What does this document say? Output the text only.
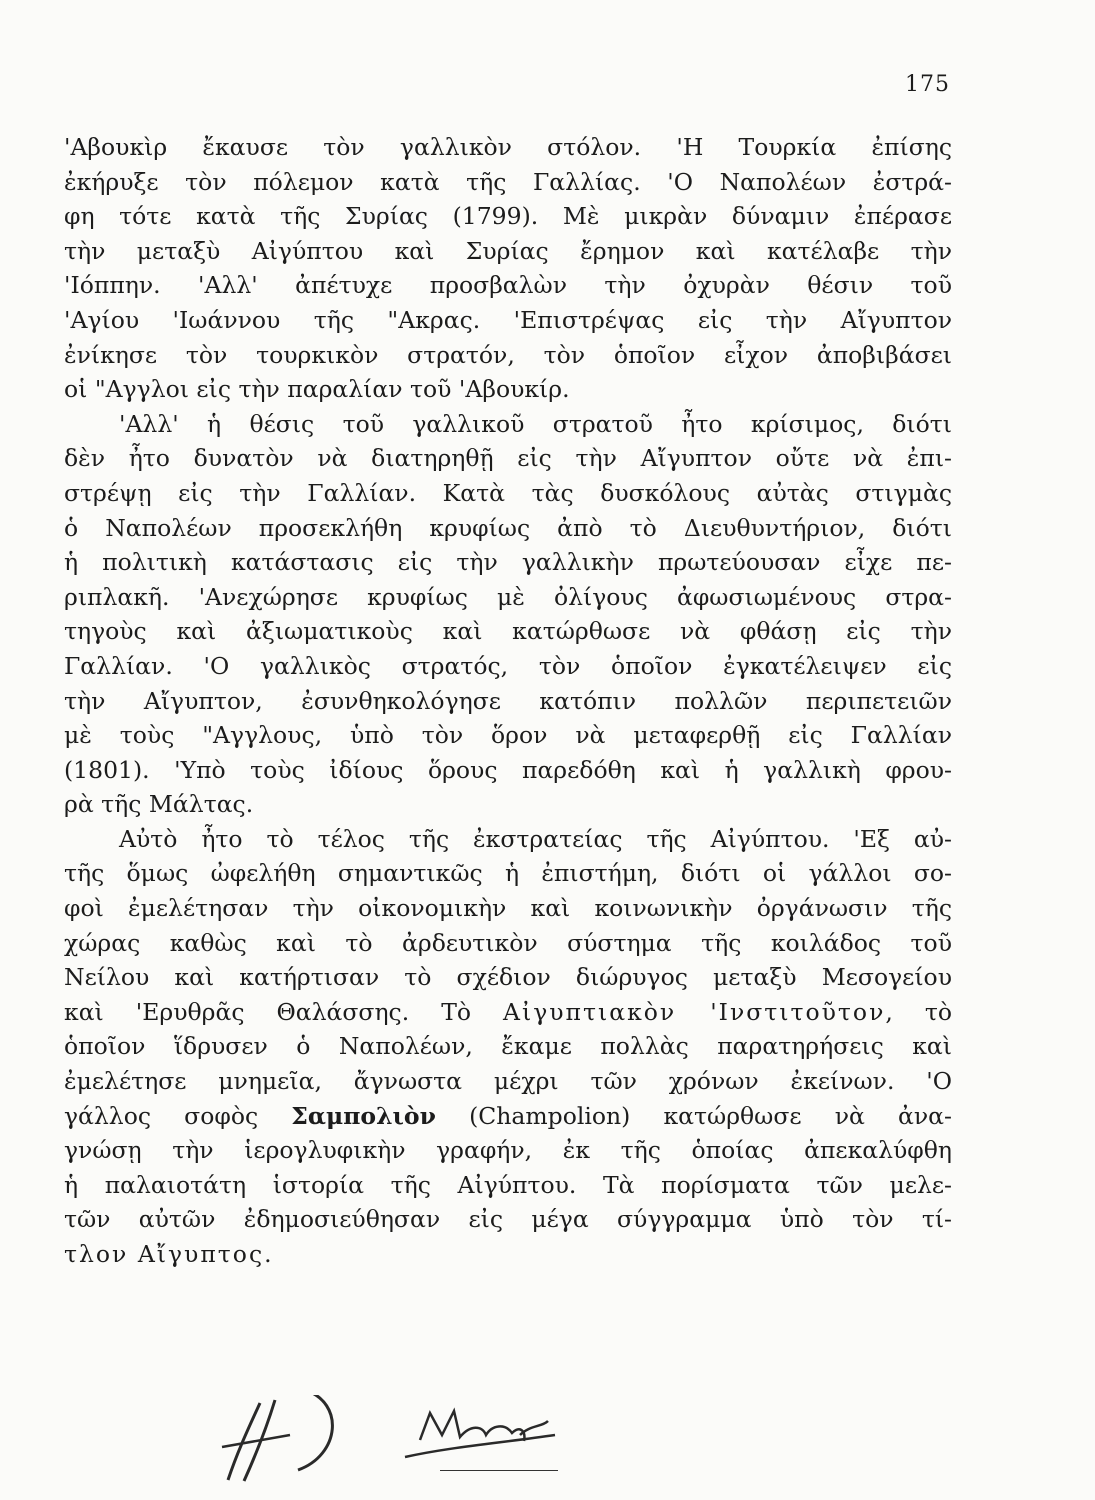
175
'Αβουκὶρ ἔκαυσε τὸν γαλλικὸν στόλον. 'Η Τουρκία ἐπίσης
ἐκήρυξε τὸν πόλεμον κατὰ τῆς Γαλλίας. 'Ο Ναπολέων ἐστρά-
φη τότε κατὰ τῆς Συρίας (1799). Μὲ μικρὰν δύναμιν ἐπέρασε
τὴν μεταξὺ Αἰγύπτου καὶ Συρίας ἔρημον καὶ κατέλαβε τὴν
'Ιόππην. 'Αλλ' ἀπέτυχε προσβαλὼν τὴν ὀχυρὰν θέσιν τοῦ
'Αγίου 'Ιωάννου τῆς "Ακρας. 'Επιστρέψας εἰς τὴν Αἴγυπτον
ἐνίκησε τὸν τουρκικὸν στρατόν, τὸν ὁποῖον εἶχον ἀποβιβάσει
οἱ "Αγγλοι εἰς τὴν παραλίαν τοῦ 'Αβουκίρ.
'Αλλ' ἡ θέσις τοῦ γαλλικοῦ στρατοῦ ἦτο κρίσιμος, διότι
δὲν ἦτο δυνατὸν νὰ διατηρηθῇ εἰς τὴν Αἴγυπτον οὔτε νὰ ἐπι-
στρέψῃ εἰς τὴν Γαλλίαν. Κατὰ τὰς δυσκόλους αὐτὰς στιγμὰς
ὁ Ναπολέων προσεκλήθη κρυφίως ἀπὸ τὸ Διευθυντήριον, διότι
ἡ πολιτικὴ κατάστασις εἰς τὴν γαλλικὴν πρωτεύουσαν εἶχε πε-
ριπλακῆ. 'Ανεχώρησε κρυφίως μὲ ὀλίγους ἀφωσιωμένους στρα-
τηγοὺς καὶ ἀξιωματικοὺς καὶ κατώρθωσε νὰ φθάσῃ εἰς τὴν
Γαλλίαν. 'Ο γαλλικὸς στρατός, τὸν ὁποῖον ἐγκατέλειψεν εἰς
τὴν Αἴγυπτον, ἐσυνθηκολόγησε κατόπιν πολλῶν περιπετειῶν
μὲ τοὺς "Αγγλους, ὑπὸ τὸν ὅρον νὰ μεταφερθῇ εἰς Γαλλίαν
(1801). 'Υπὸ τοὺς ἰδίους ὅρους παρεδόθη καὶ ἡ γαλλικὴ φρου-
ρὰ τῆς Μάλτας.
Αὐτὸ ἦτο τὸ τέλος τῆς ἐκστρατείας τῆς Αἰγύπτου. 'Εξ αὐ-
τῆς ὅμως ὠφελήθη σημαντικῶς ἡ ἐπιστήμη, διότι οἱ γάλλοι σο-
φοὶ ἐμελέτησαν τὴν οἰκονομικὴν καὶ κοινωνικὴν ὀργάνωσιν τῆς
χώρας καθὼς καὶ τὸ ἀρδευτικὸν σύστημα τῆς κοιλάδος τοῦ
Νείλου καὶ κατήρτισαν τὸ σχέδιον διώρυγος μεταξὺ Μεσογείου
καὶ 'Ερυθρᾶς Θαλάσσης. Τὸ Αἰγυπτιακὸν 'Ινστιτοῦτον, τὸ
ὁποῖον ἵδρυσεν ὁ Ναπολέων, ἔκαμε πολλὰς παρατηρήσεις καὶ
ἐμελέτησε μνημεῖα, ἄγνωστα μέχρι τῶν χρόνων ἐκείνων. 'Ο
γάλλος σοφὸς Σαμπολιὸν (Champolion) κατώρθωσε νὰ ἀνα-
γνώσῃ τὴν ἱερογλυφικὴν γραφήν, ἐκ τῆς ὁποίας ἀπεκαλύφθη
ἡ παλαιοτάτη ἱστορία τῆς Αἰγύπτου. Τὰ πορίσματα τῶν μελε-
τῶν αὐτῶν ἐδημοσιεύθησαν εἰς μέγα σύγγραμμα ὑπὸ τὸν τί-
τλον Αἴγυπτος.
